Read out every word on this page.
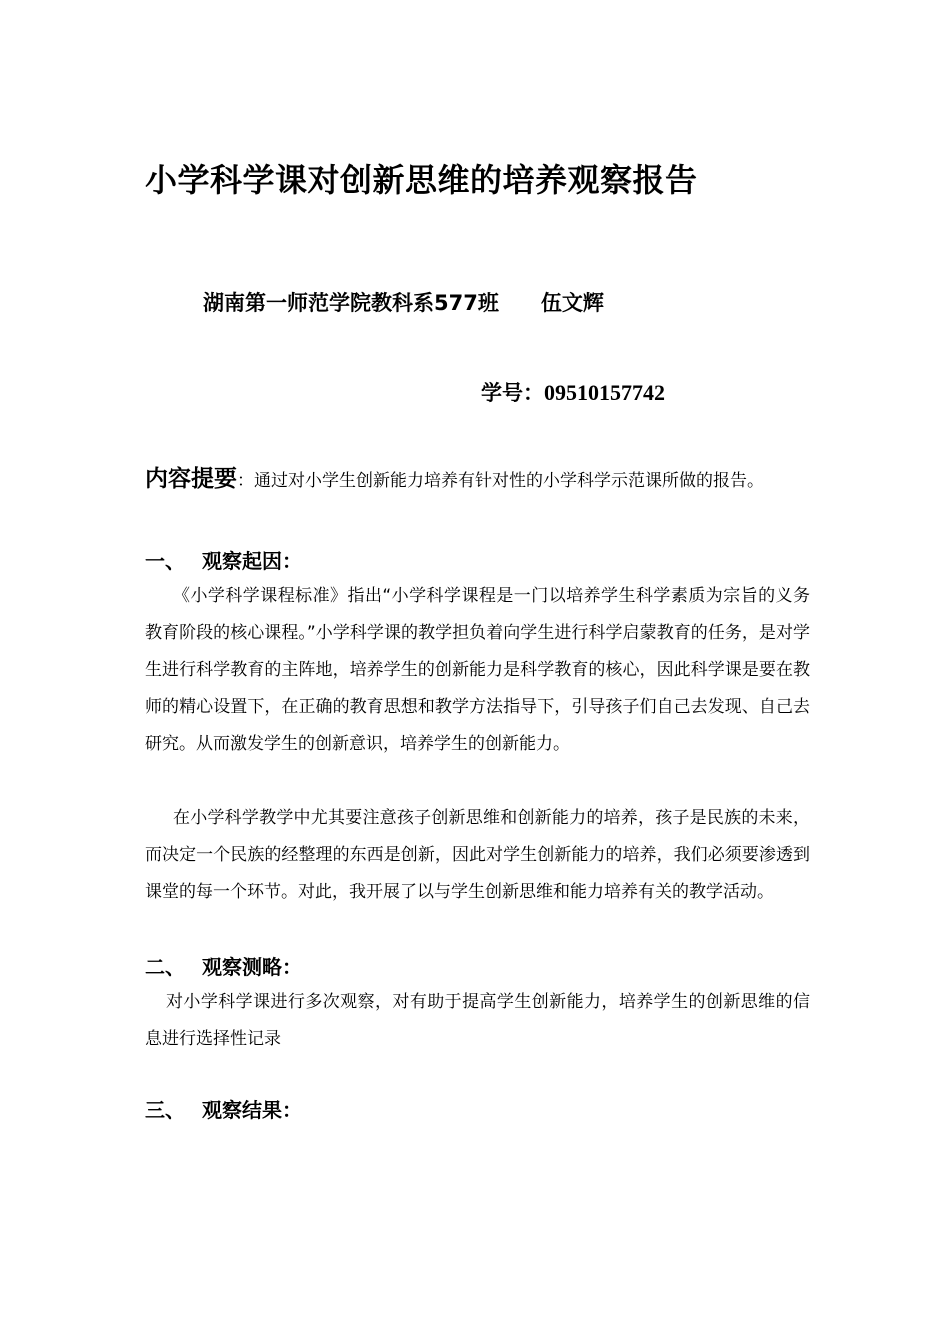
小学科学课对创新思维的培养观察报告
湖南第一师范学院教科系577班 伍文辉
学号：09510157742
内容提要：通过对小学生创新能力培养有针对性的小学科学示范课所做的报告。
一、 观察起因：
《小学科学课程标准》指出“小学科学课程是一门以培养学生科学素质为宗旨的义务教育阶段的核心课程。”小学科学课的教学担负着向学生进行科学启蒙教育的任务，是对学生进行科学教育的主阵地，培养学生的创新能力是科学教育的核心，因此科学课是要在教师的精心设置下，在正确的教育思想和教学方法指导下，引导孩子们自己去发现、自己去研究。从而激发学生的创新意识，培养学生的创新能力。
在小学科学教学中尤其要注意孩子创新思维和创新能力的培养，孩子是民族的未来，而决定一个民族的经整理的东西是创新，因此对学生创新能力的培养，我们必须要渗透到课堂的每一个环节。对此，我开展了以与学生创新思维和能力培养有关的教学活动。
二、 观察测略：
对小学科学课进行多次观察，对有助于提高学生创新能力，培养学生的创新思维的信息进行选择性记录
三、 观察结果：
